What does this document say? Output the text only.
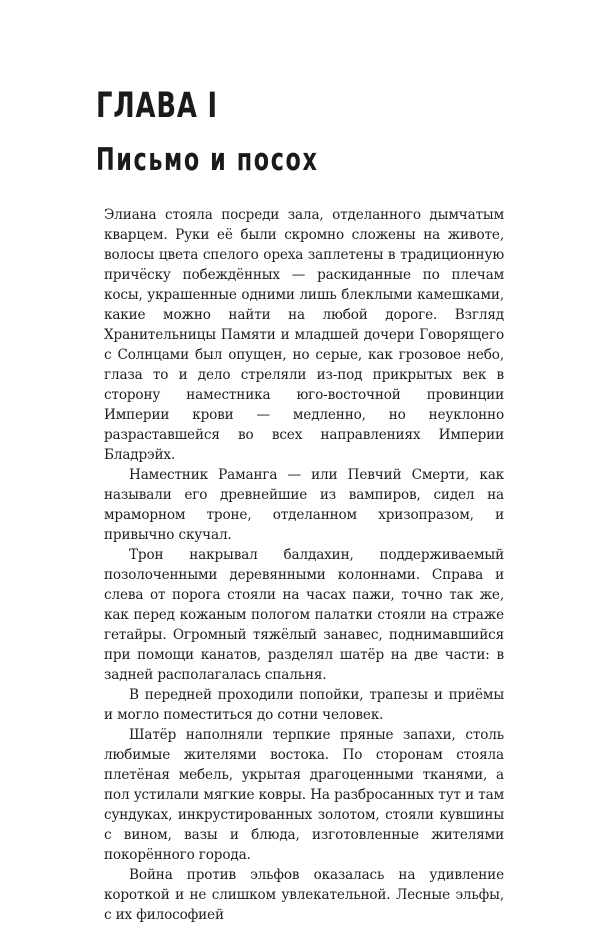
ГЛАВА I
Письмо и посох

Элиана стояла посреди зала, отделанного дымчатым кварцем. Руки её были скромно сложены на животе, волосы цвета спелого ореха заплетены в традиционную причёску побеждённых — раскиданные по плечам косы, украшенные одними лишь блеклыми камешками, какие можно найти на любой дороге. Взгляд Хранительницы Памяти и младшей дочери Говорящего с Солнцами был опущен, но серые, как грозовое небо, глаза то и дело стреляли из-под прикрытых век в сторону наместника юго-восточной провинции Империи крови — медленно, но неуклонно разраставшейся во всех направлениях Империи Бладрэйх.

Наместник Раманга — или Певчий Смерти, как называли его древнейшие из вампиров, сидел на мраморном троне, отделанном хризопразом, и привычно скучал.

Трон накрывал балдахин, поддерживаемый позолоченными деревянными колоннами. Справа и слева от порога стояли на часах пажи, точно так же, как перед кожаным пологом палатки стояли на страже гетайры. Огромный тяжёлый занавес, поднимавшийся при помощи канатов, разделял шатёр на две части: в задней располагалась спальня.

В передней проходили попойки, трапезы и приёмы и могло поместиться до сотни человек.

Шатёр наполняли терпкие пряные запахи, столь любимые жителями востока. По сторонам стояла плетёная мебель, укрытая драгоценными тканями, а пол устилали мягкие ковры. На разбросанных тут и там сундуках, инкрустированных золотом, стояли кувшины с вином, вазы и блюда, изготовленные жителями покорённого города.

Война против эльфов оказалась на удивление короткой и не слишком увлекательной. Лесные эльфы, с их философией
